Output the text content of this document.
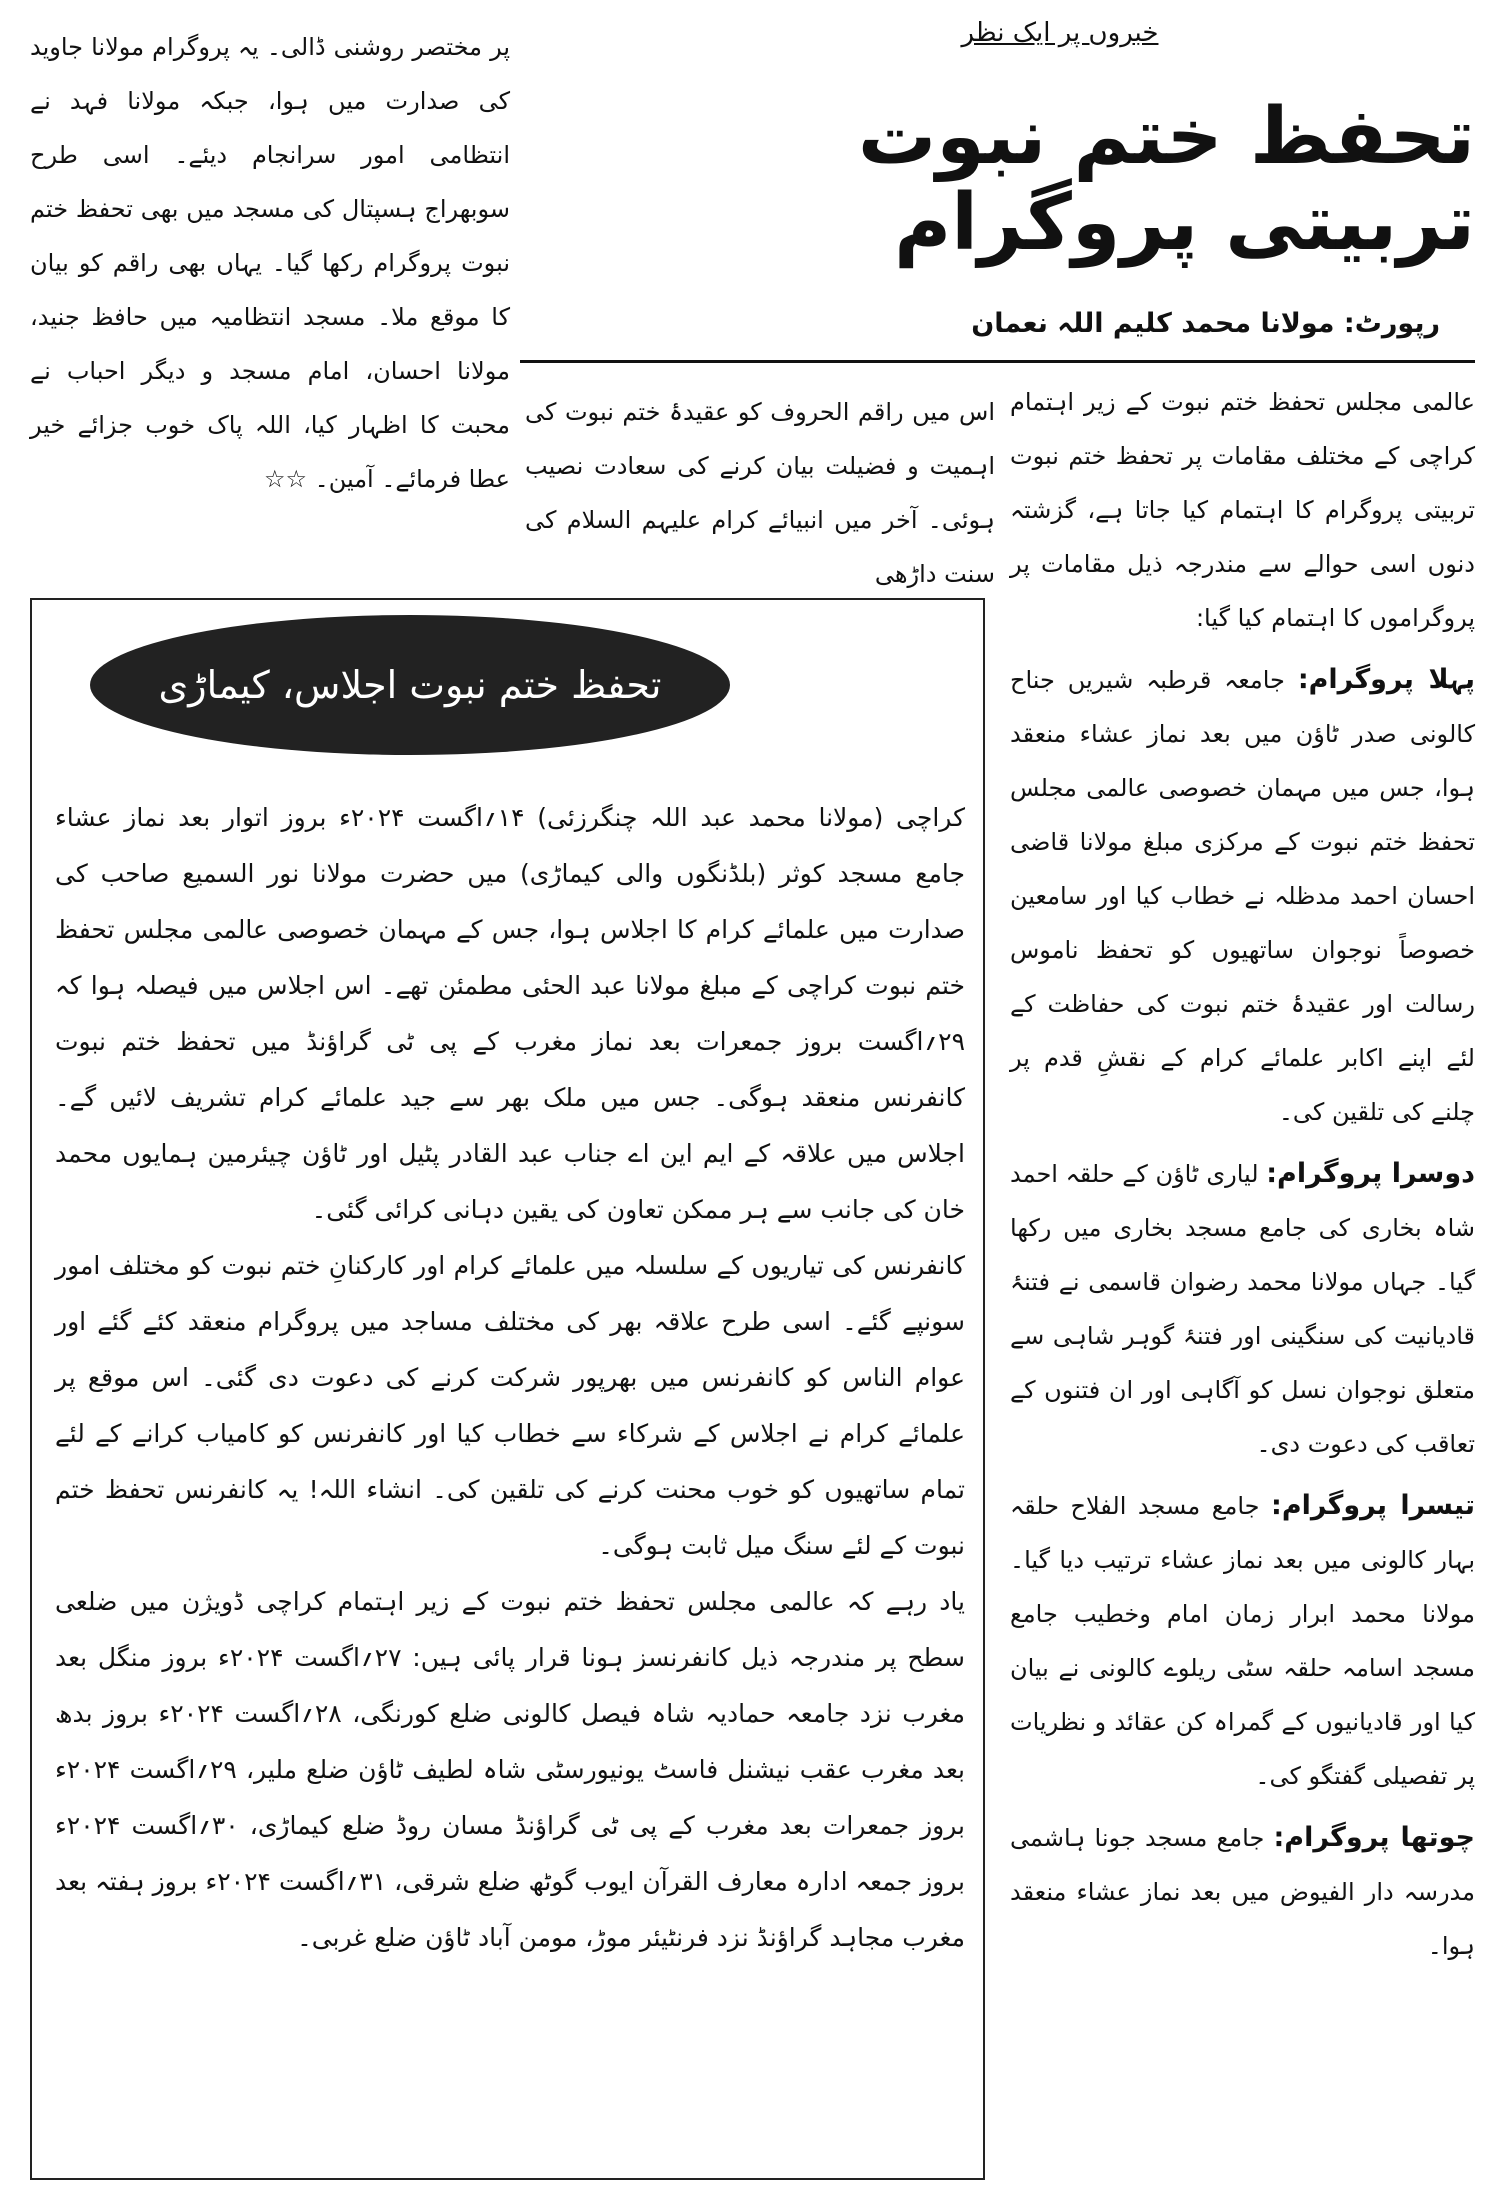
خبروں پر ایک نظر
تحفظ ختم نبوت تربیتی پروگرام
رپورٹ: مولانا محمد کلیم اللہ نعمان

پر مختصر روشنی ڈالی۔ یہ پروگرام مولانا جاوید کی صدارت میں ہوا، جبکہ مولانا فہد نے انتظامی امور سرانجام دیئے۔ اسی طرح سوبھراج ہسپتال کی مسجد میں بھی تحفظ ختم نبوت پروگرام رکھا گیا۔ یہاں بھی راقم کو بیان کا موقع ملا۔ مسجد انتظامیہ میں حافظ جنید، مولانا احسان، امام مسجد و دیگر احباب نے محبت کا اظہار کیا، اللہ پاک خوب جزائے خیر عطا فرمائے۔ آمین۔ ☆☆

اس میں راقم الحروف کو عقیدۂ ختم نبوت کی اہمیت و فضیلت بیان کرنے کی سعادت نصیب ہوئی۔ آخر میں انبیائے کرام علیہم السلام کی سنت داڑھی

عالمی مجلس تحفظ ختم نبوت کے زیر اہتمام کراچی کے مختلف مقامات پر تحفظ ختم نبوت تربیتی پروگرام کا اہتمام کیا جاتا ہے، گزشتہ دنوں اسی حوالے سے مندرجہ ذیل مقامات پر پروگراموں کا اہتمام کیا گیا:

پہلا پروگرام: جامعہ قرطبہ شیریں جناح کالونی صدر ٹاؤن میں بعد نماز عشاء منعقد ہوا، جس میں مہمان خصوصی عالمی مجلس تحفظ ختم نبوت کے مرکزی مبلغ مولانا قاضی احسان احمد مدظلہ نے خطاب کیا اور سامعین خصوصاً نوجوان ساتھیوں کو تحفظ ناموس رسالت اور عقیدۂ ختم نبوت کی حفاظت کے لئے اپنے اکابر علمائے کرام کے نقشِ قدم پر چلنے کی تلقین کی۔

دوسرا پروگرام: لیاری ٹاؤن کے حلقہ احمد شاہ بخاری کی جامع مسجد بخاری میں رکھا گیا۔ جہاں مولانا محمد رضوان قاسمی نے فتنۂ قادیانیت کی سنگینی اور فتنۂ گوہر شاہی سے متعلق نوجوان نسل کو آگاہی اور ان فتنوں کے تعاقب کی دعوت دی۔

تیسرا پروگرام: جامع مسجد الفلاح حلقہ بہار کالونی میں بعد نماز عشاء ترتیب دیا گیا۔ مولانا محمد ابرار زمان امام وخطیب جامع مسجد اسامہ حلقہ سٹی ریلوے کالونی نے بیان کیا اور قادیانیوں کے گمراہ کن عقائد و نظریات پر تفصیلی گفتگو کی۔

چوتھا پروگرام: جامع مسجد جونا ہاشمی مدرسہ دار الفیوض میں بعد نماز عشاء منعقد ہوا۔

تحفظ ختم نبوت اجلاس، کیماڑی

کراچی (مولانا محمد عبد اللہ چنگرزئی) ۱۴؍اگست ۲۰۲۴ء بروز اتوار بعد نماز عشاء جامع مسجد کوثر (بلڈنگوں والی کیماڑی) میں حضرت مولانا نور السمیع صاحب کی صدارت میں علمائے کرام کا اجلاس ہوا، جس کے مہمان خصوصی عالمی مجلس تحفظ ختم نبوت کراچی کے مبلغ مولانا عبد الحئی مطمئن تھے۔ اس اجلاس میں فیصلہ ہوا کہ ۲۹؍اگست بروز جمعرات بعد نماز مغرب کے پی ٹی گراؤنڈ میں تحفظ ختم نبوت کانفرنس منعقد ہوگی۔ جس میں ملک بھر سے جید علمائے کرام تشریف لائیں گے۔ اجلاس میں علاقہ کے ایم این اے جناب عبد القادر پٹیل اور ٹاؤن چیئرمین ہمایوں محمد خان کی جانب سے ہر ممکن تعاون کی یقین دہانی کرائی گئی۔

کانفرنس کی تیاریوں کے سلسلہ میں علمائے کرام اور کارکنانِ ختم نبوت کو مختلف امور سونپے گئے۔ اسی طرح علاقہ بھر کی مختلف مساجد میں پروگرام منعقد کئے گئے اور عوام الناس کو کانفرنس میں بھرپور شرکت کرنے کی دعوت دی گئی۔ اس موقع پر علمائے کرام نے اجلاس کے شرکاء سے خطاب کیا اور کانفرنس کو کامیاب کرانے کے لئے تمام ساتھیوں کو خوب محنت کرنے کی تلقین کی۔ انشاء اللہ! یہ کانفرنس تحفظ ختم نبوت کے لئے سنگ میل ثابت ہوگی۔

یاد رہے کہ عالمی مجلس تحفظ ختم نبوت کے زیر اہتمام کراچی ڈویژن میں ضلعی سطح پر مندرجہ ذیل کانفرنسز ہونا قرار پائی ہیں: ۲۷؍اگست ۲۰۲۴ء بروز منگل بعد مغرب نزد جامعہ حمادیہ شاہ فیصل کالونی ضلع کورنگی، ۲۸؍اگست ۲۰۲۴ء بروز بدھ بعد مغرب عقب نیشنل فاسٹ یونیورسٹی شاہ لطیف ٹاؤن ضلع ملیر، ۲۹؍اگست ۲۰۲۴ء بروز جمعرات بعد مغرب کے پی ٹی گراؤنڈ مسان روڈ ضلع کیماڑی، ۳۰؍اگست ۲۰۲۴ء بروز جمعہ ادارہ معارف القرآن ایوب گوٹھ ضلع شرقی، ۳۱؍اگست ۲۰۲۴ء بروز ہفتہ بعد مغرب مجاہد گراؤنڈ نزد فرنٹیئر موڑ، مومن آباد ٹاؤن ضلع غربی۔
